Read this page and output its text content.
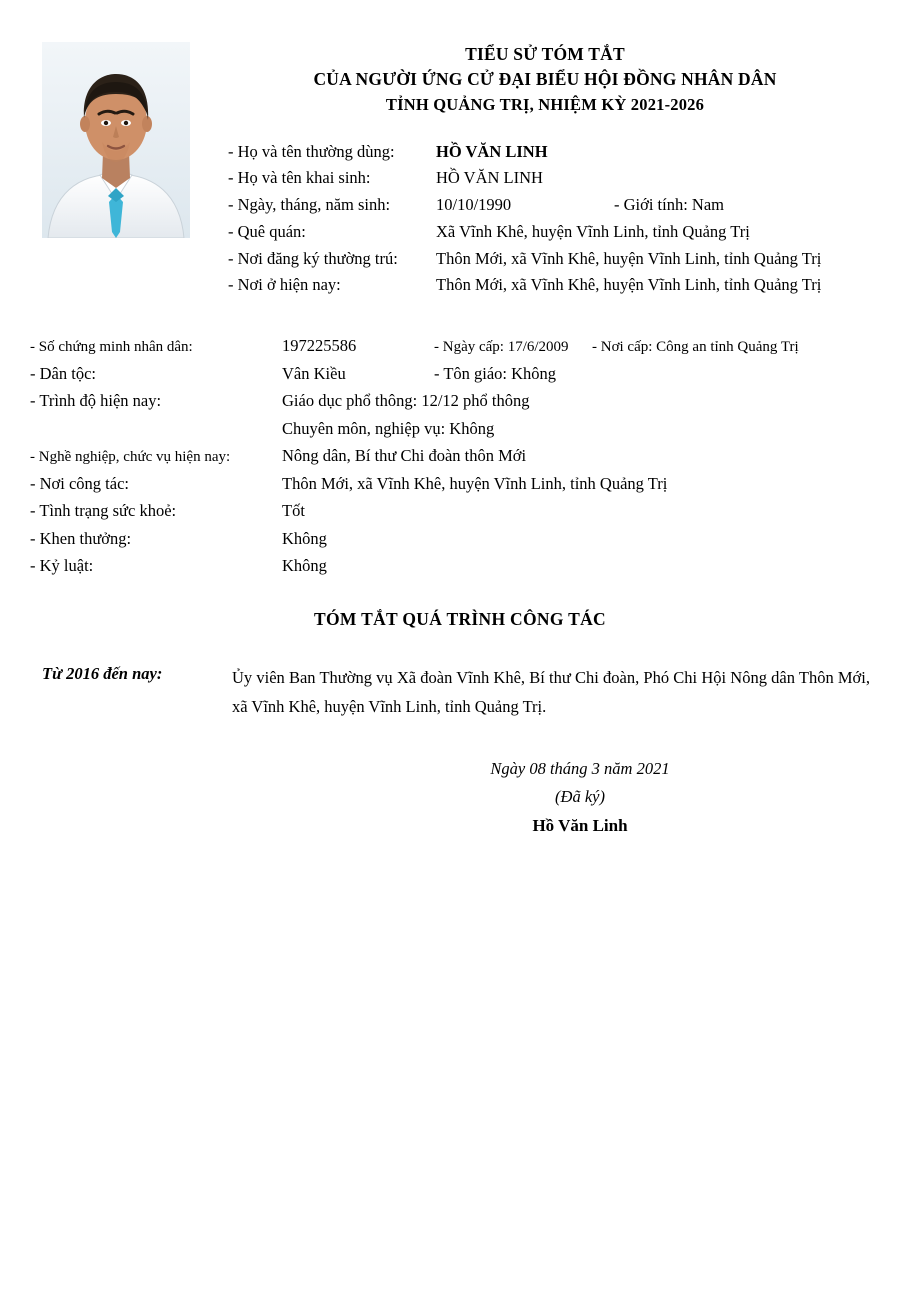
TIỂU SỬ TÓM TẮT
CỦA NGƯỜI ỨNG CỬ ĐẠI BIỂU HỘI ĐỒNG NHÂN DÂN
TỈNH QUẢNG TRỊ, NHIỆM KỲ 2021-2026
- Họ và tên thường dùng:	HỒ VĂN LINH
- Họ và tên khai sinh:	HỒ VĂN LINH
- Ngày, tháng, năm sinh:	10/10/1990	- Giới tính: Nam
- Quê quán:	Xã Vĩnh Khê, huyện Vĩnh Linh, tỉnh Quảng Trị
- Nơi đăng ký thường trú:	Thôn Mới, xã Vĩnh Khê, huyện Vĩnh Linh, tỉnh Quảng Trị
- Nơi ở hiện nay:	Thôn Mới, xã Vĩnh Khê, huyện Vĩnh Linh, tỉnh Quảng Trị
- Số chứng minh nhân dân:	197225586	- Ngày cấp: 17/6/2009	- Nơi cấp: Công an tỉnh Quảng Trị
- Dân tộc:	Vân Kiều	- Tôn giáo: Không
- Trình độ hiện nay:	Giáo dục phổ thông: 12/12 phổ thông
Chuyên môn, nghiệp vụ: Không
- Nghề nghiệp, chức vụ hiện nay:	Nông dân, Bí thư Chi đoàn thôn Mới
- Nơi công tác:	Thôn Mới, xã Vĩnh Khê, huyện Vĩnh Linh, tỉnh Quảng Trị
- Tình trạng sức khoẻ:	Tốt
- Khen thưởng:	Không
- Kỷ luật:	Không
TÓM TẮT QUÁ TRÌNH CÔNG TÁC
Từ 2016 đến nay:	Ủy viên Ban Thường vụ Xã đoàn Vĩnh Khê, Bí thư Chi đoàn, Phó Chi Hội Nông dân Thôn Mới, xã Vĩnh Khê, huyện Vĩnh Linh, tỉnh Quảng Trị.
Ngày 08 tháng 3 năm 2021
(Đã ký)
Hồ Văn Linh
